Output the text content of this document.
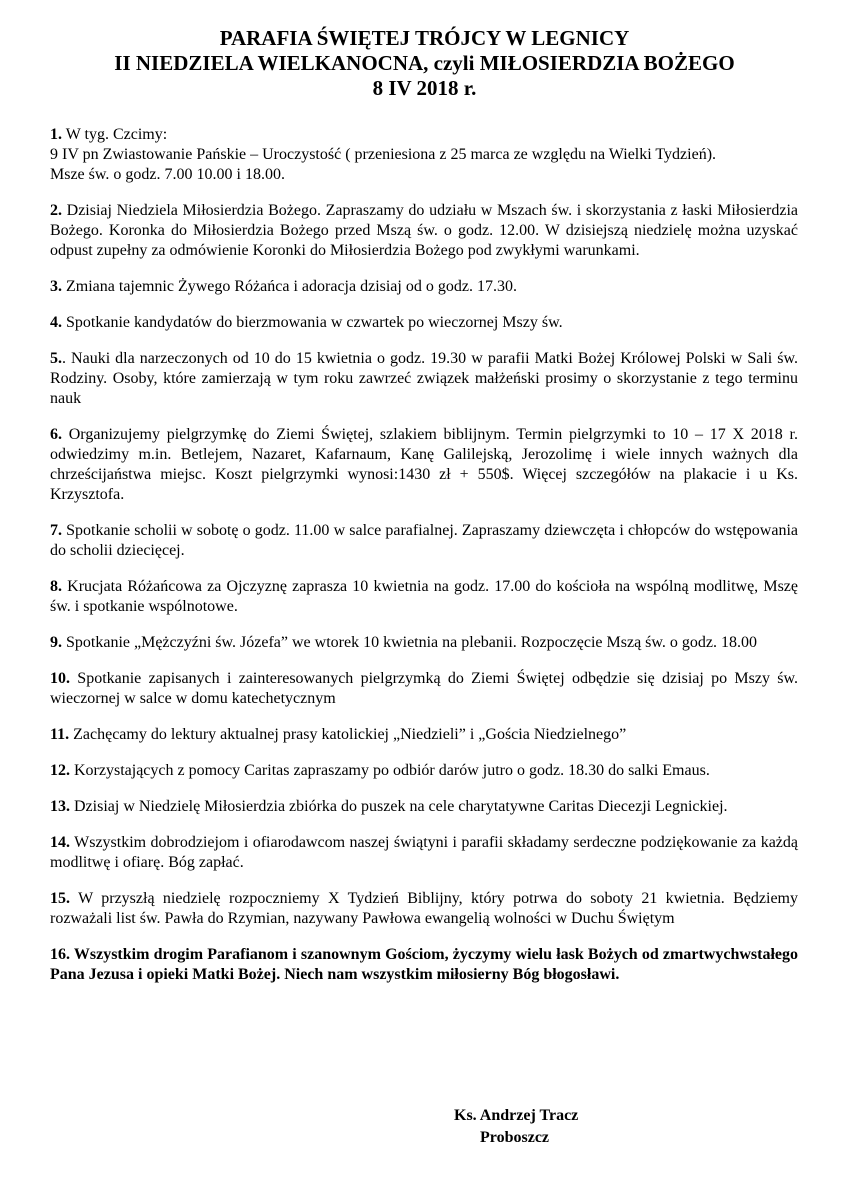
PARAFIA ŚWIĘTEJ TRÓJCY W LEGNICY
II NIEDZIELA WIELKANOCNA, czyli MIŁOSIERDZIA BOŻEGO
8 IV 2018 r.

1. W tyg. Czcimy:

9 IV pn Zwiastowanie Pańskie – Uroczystość ( przeniesiona z 25 marca ze względu na Wielki Tydzień).

Msze św. o godz. 7.00 10.00 i 18.00.

2. Dzisiaj Niedziela Miłosierdzia Bożego. Zapraszamy do udziału w Mszach św. i skorzystania z łaski Miłosierdzia Bożego. Koronka do Miłosierdzia Bożego przed Mszą św. o godz. 12.00. W dzisiejszą niedzielę można uzyskać odpust zupełny za odmówienie Koronki do Miłosierdzia Bożego pod zwykłymi warunkami.
3. Zmiana tajemnic Żywego Różańca i adoracja dzisiaj od o godz. 17.30.
4. Spotkanie kandydatów do bierzmowania w czwartek po wieczornej Mszy św.
5.. Nauki dla narzeczonych od 10 do 15 kwietnia o godz. 19.30 w parafii Matki Bożej Królowej Polski w Sali św. Rodziny. Osoby, które zamierzają w tym roku zawrzeć związek małżeński prosimy o skorzystanie z tego terminu nauk
6. Organizujemy pielgrzymkę do Ziemi Świętej, szlakiem biblijnym. Termin pielgrzymki to 10 – 17 X 2018 r. odwiedzimy m.in. Betlejem, Nazaret, Kafarnaum, Kanę Galilejską, Jerozolimę i wiele innych ważnych dla chrześcijaństwa miejsc. Koszt pielgrzymki wynosi:1430 zł + 550$. Więcej szczegółów na plakacie i u Ks. Krzysztofa.
7. Spotkanie scholii w sobotę o godz. 11.00 w salce parafialnej. Zapraszamy dziewczęta i chłopców do wstępowania do scholii dziecięcej.
8. Krucjata Różańcowa za Ojczyznę zaprasza 10 kwietnia na godz. 17.00 do kościoła na wspólną modlitwę, Mszę św. i spotkanie wspólnotowe.
9. Spotkanie „Mężczyźni św. Józefa” we wtorek 10 kwietnia na plebanii. Rozpoczęcie Mszą św. o godz. 18.00
10. Spotkanie zapisanych i zainteresowanych pielgrzymką do Ziemi Świętej odbędzie się dzisiaj po Mszy św. wieczornej w salce w domu katechetycznym
11. Zachęcamy do lektury aktualnej prasy katolickiej „Niedzieli” i „Gościa Niedzielnego”
12. Korzystających z pomocy Caritas zapraszamy po odbiór darów jutro o godz. 18.30 do salki Emaus.
13. Dzisiaj w Niedzielę Miłosierdzia zbiórka do puszek na cele charytatywne Caritas Diecezji Legnickiej.
14. Wszystkim dobrodziejom i ofiarodawcom naszej świątyni i parafii składamy serdeczne podziękowanie za każdą modlitwę i ofiarę. Bóg zapłać.
15. W przyszłą niedzielę rozpoczniemy X Tydzień Biblijny, który potrwa do soboty 21 kwietnia. Będziemy rozważali list św. Pawła do Rzymian, nazywany Pawłowa ewangelią wolności w Duchu Świętym
16. Wszystkim drogim Parafianom i szanownym Gościom, życzymy wielu łask Bożych od zmartwychwstałego Pana Jezusa i opieki Matki Bożej. Niech nam wszystkim miłosierny Bóg błogosławi.
Ks. Andrzej Tracz
Proboszcz
